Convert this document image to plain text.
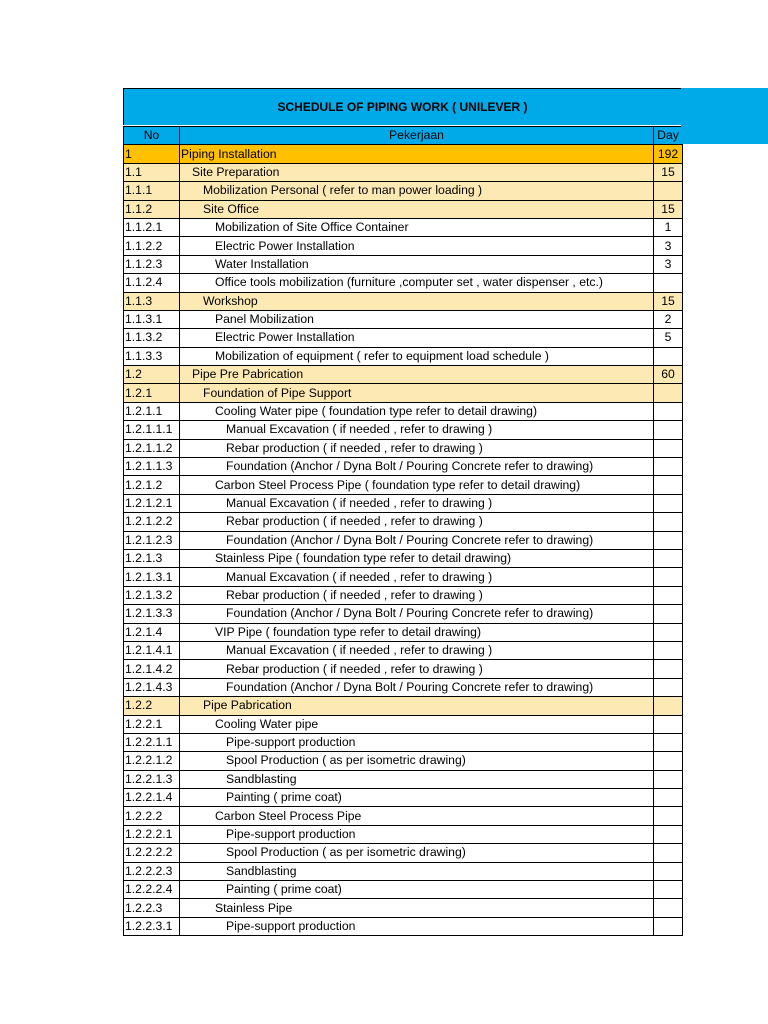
SCHEDULE OF PIPING WORK ( UNILEVER )
No	Pekerjaan	Day
1	Piping Installation	192
1.1	Site Preparation	15
1.1.1	Mobilization Personal ( refer to man power loading )	
1.1.2	Site Office	15
1.1.2.1	Mobilization of Site Office Container	1
1.1.2.2	Electric Power Installation	3
1.1.2.3	Water Installation	3
1.1.2.4	Office tools mobilization (furniture ,computer set , water dispenser , etc.)	
1.1.3	Workshop	15
1.1.3.1	Panel Mobilization	2
1.1.3.2	Electric Power Installation	5
1.1.3.3	Mobilization of equipment ( refer to equipment load schedule )	
1.2	Pipe Pre Pabrication	60
1.2.1	Foundation of Pipe Support	
1.2.1.1	Cooling Water pipe ( foundation type refer to detail drawing)	
1.2.1.1.1	Manual Excavation ( if needed , refer to drawing )	
1.2.1.1.2	Rebar production ( if needed , refer to drawing )	
1.2.1.1.3	Foundation (Anchor / Dyna Bolt / Pouring Concrete refer to drawing)	
1.2.1.2	Carbon Steel Process Pipe ( foundation type refer to detail drawing)	
1.2.1.2.1	Manual Excavation ( if needed , refer to drawing )	
1.2.1.2.2	Rebar production ( if needed , refer to drawing )	
1.2.1.2.3	Foundation (Anchor / Dyna Bolt / Pouring Concrete refer to drawing)	
1.2.1.3	Stainless Pipe ( foundation type refer to detail drawing)	
1.2.1.3.1	Manual Excavation ( if needed , refer to drawing )	
1.2.1.3.2	Rebar production ( if needed , refer to drawing )	
1.2.1.3.3	Foundation (Anchor / Dyna Bolt / Pouring Concrete refer to drawing)	
1.2.1.4	VIP Pipe ( foundation type refer to detail drawing)	
1.2.1.4.1	Manual Excavation ( if needed , refer to drawing )	
1.2.1.4.2	Rebar production ( if needed , refer to drawing )	
1.2.1.4.3	Foundation (Anchor / Dyna Bolt / Pouring Concrete refer to drawing)	
1.2.2	Pipe Pabrication	
1.2.2.1	Cooling Water pipe	
1.2.2.1.1	Pipe-support production	
1.2.2.1.2	Spool Production ( as per isometric drawing)	
1.2.2.1.3	Sandblasting	
1.2.2.1.4	Painting ( prime coat)	
1.2.2.2	Carbon Steel Process Pipe	
1.2.2.2.1	Pipe-support production	
1.2.2.2.2	Spool Production ( as per isometric drawing)	
1.2.2.2.3	Sandblasting	
1.2.2.2.4	Painting ( prime coat)	
1.2.2.3	Stainless Pipe	
1.2.2.3.1	Pipe-support production	
